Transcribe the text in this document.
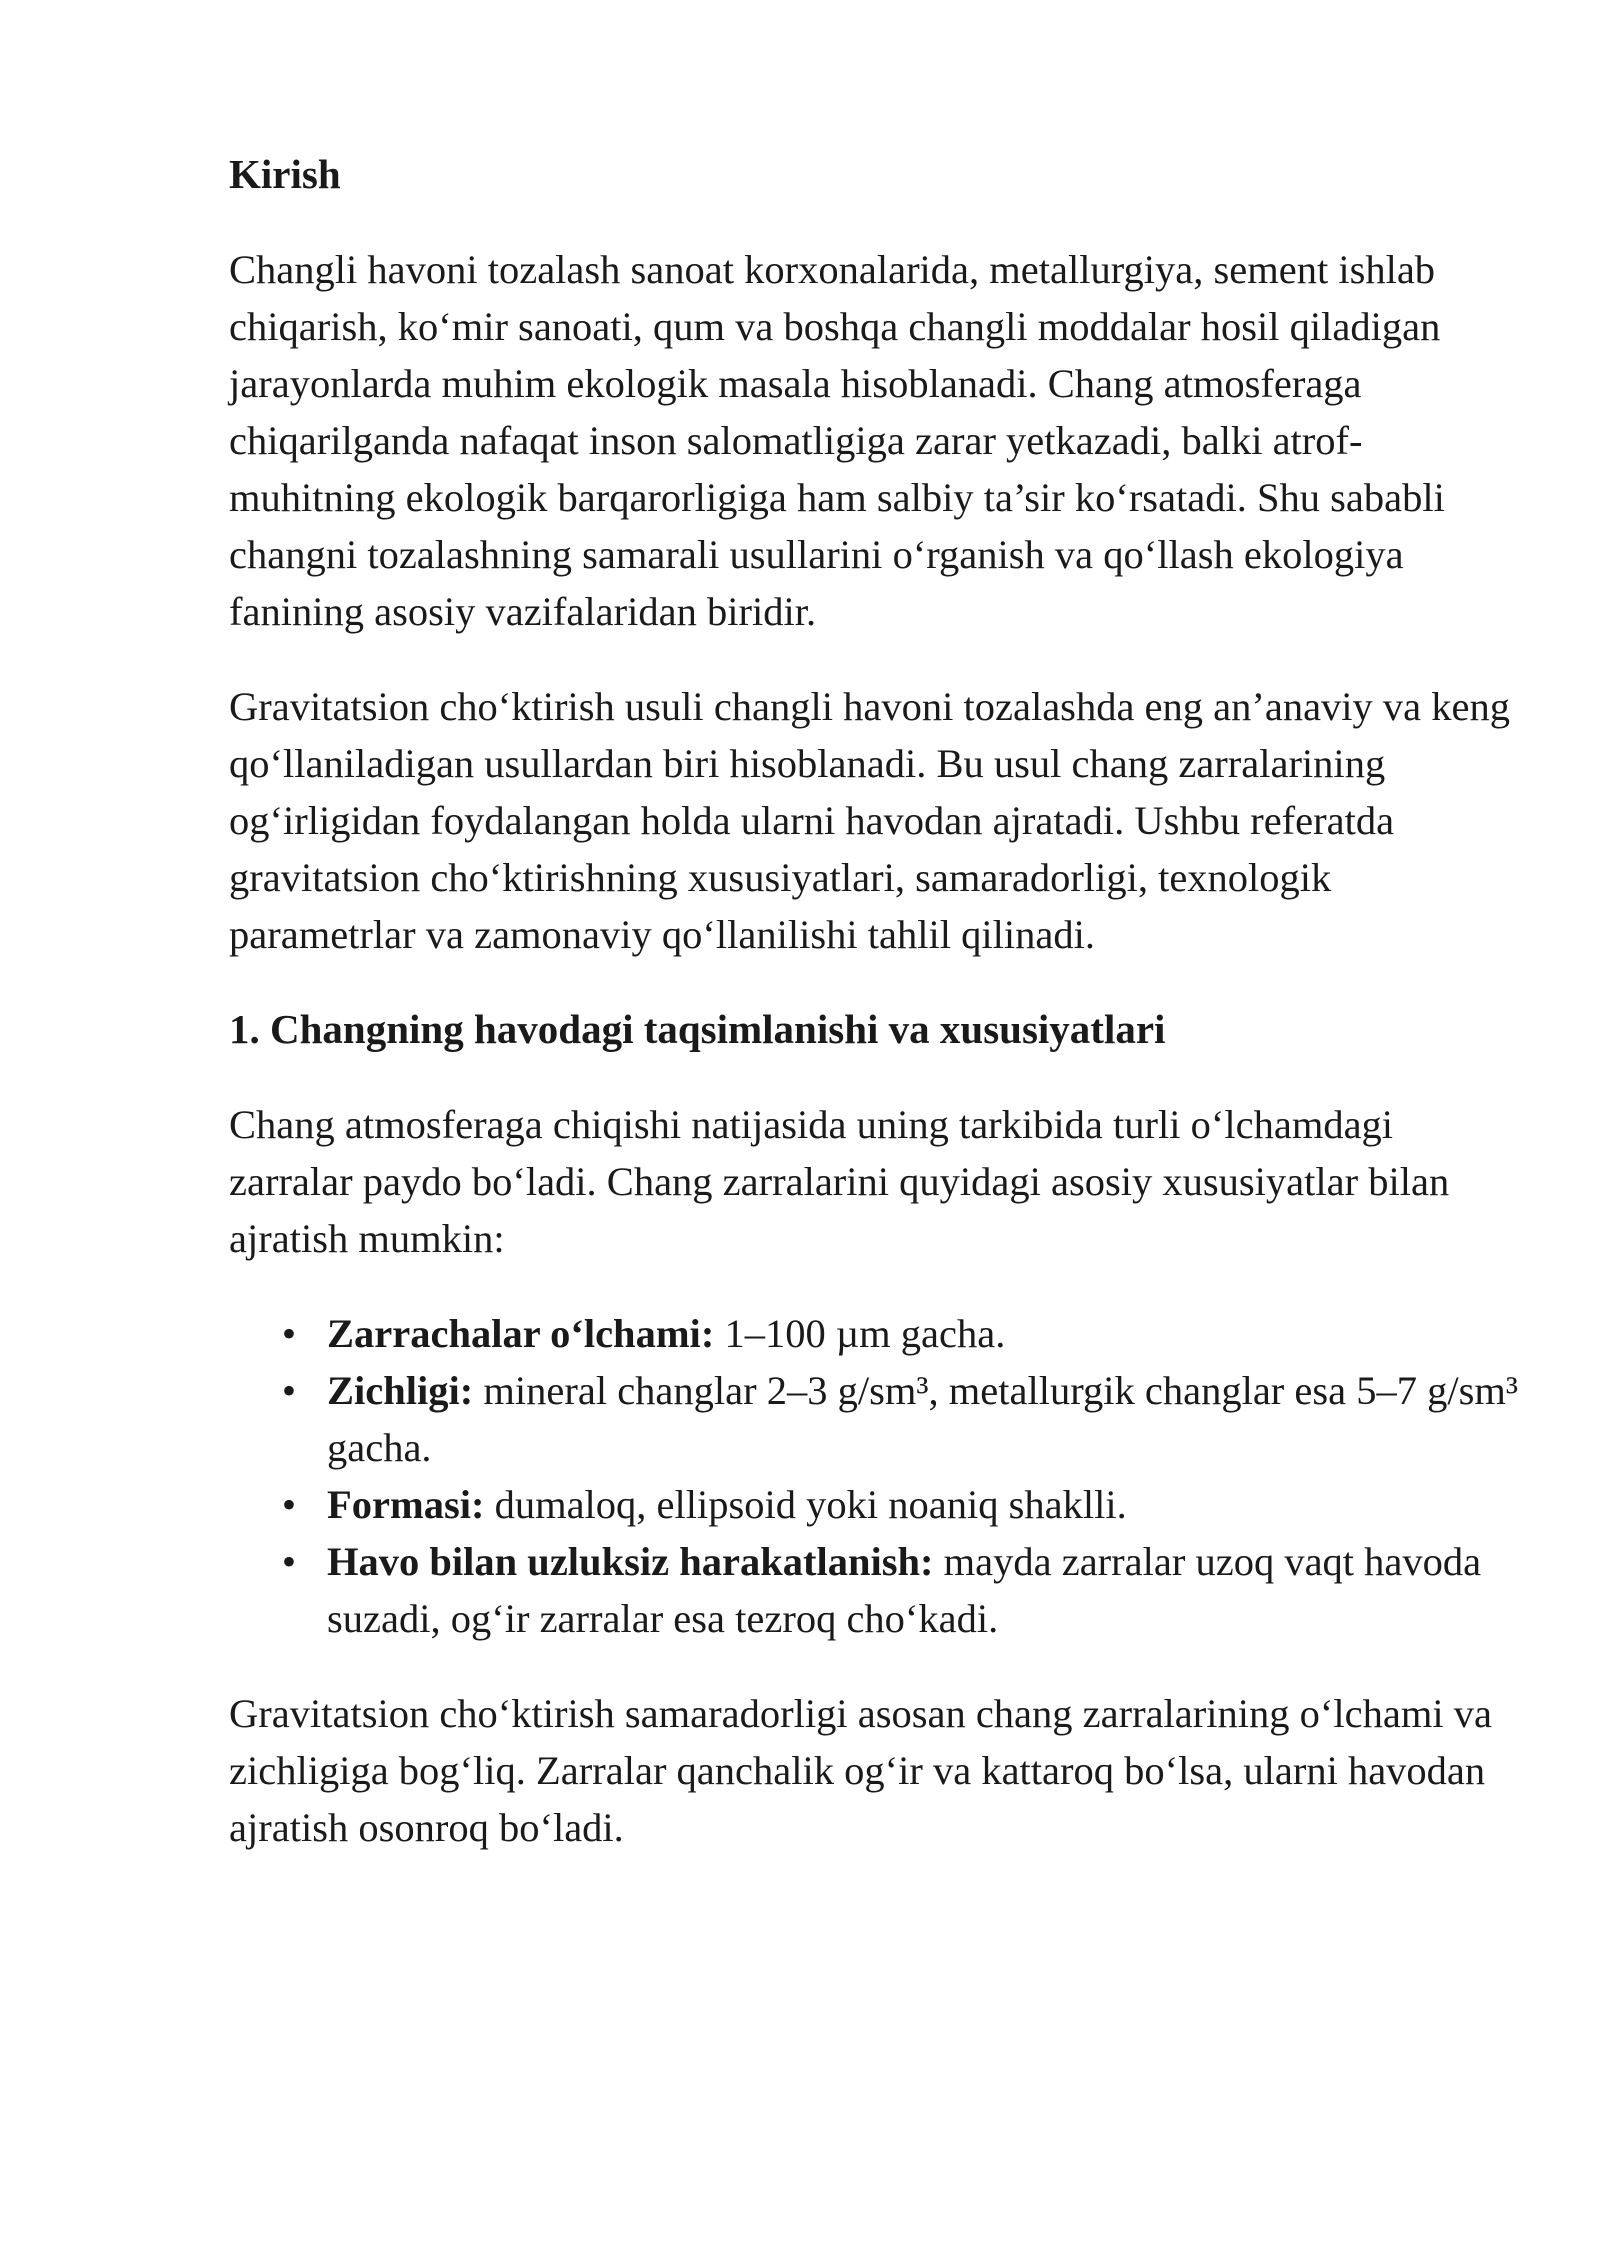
Kirish

Changli havoni tozalash sanoat korxonalarida, metallurgiya, sement ishlab chiqarish, ko‘mir sanoati, qum va boshqa changli moddalar hosil qiladigan jarayonlarda muhim ekologik masala hisoblanadi. Chang atmosferaga chiqarilganda nafaqat inson salomatligiga zarar yetkazadi, balki atrof-muhitning ekologik barqarorligiga ham salbiy ta’sir ko‘rsatadi. Shu sababli changni tozalashning samarali usullarini o‘rganish va qo‘llash ekologiya fanining asosiy vazifalaridan biridir.

Gravitatsion cho‘ktirish usuli changli havoni tozalashda eng an’anaviy va keng qo‘llaniladigan usullardan biri hisoblanadi. Bu usul chang zarralarining og‘irligidan foydalangan holda ularni havodan ajratadi. Ushbu referatda gravitatsion cho‘ktirishning xususiyatlari, samaradorligi, texnologik parametrlar va zamonaviy qo‘llanilishi tahlil qilinadi.

1. Changning havodagi taqsimlanishi va xususiyatlari

Chang atmosferaga chiqishi natijasida uning tarkibida turli o‘lchamdagi zarralar paydo bo‘ladi. Chang zarralarini quyidagi asosiy xususiyatlar bilan ajratish mumkin:

• Zarrachalar o‘lchami: 1–100 µm gacha.
• Zichligi: mineral changlar 2–3 g/sm³, metallurgik changlar esa 5–7 g/sm³ gacha.
• Formasi: dumaloq, ellipsoid yoki noaniq shaklli.
• Havo bilan uzluksiz harakatlanish: mayda zarralar uzoq vaqt havoda suzadi, og‘ir zarralar esa tezroq cho‘kadi.

Gravitatsion cho‘ktirish samaradorligi asosan chang zarralarining o‘lchami va zichligiga bog‘liq. Zarralar qanchalik og‘ir va kattaroq bo‘lsa, ularni havodan ajratish osonroq bo‘ladi.
